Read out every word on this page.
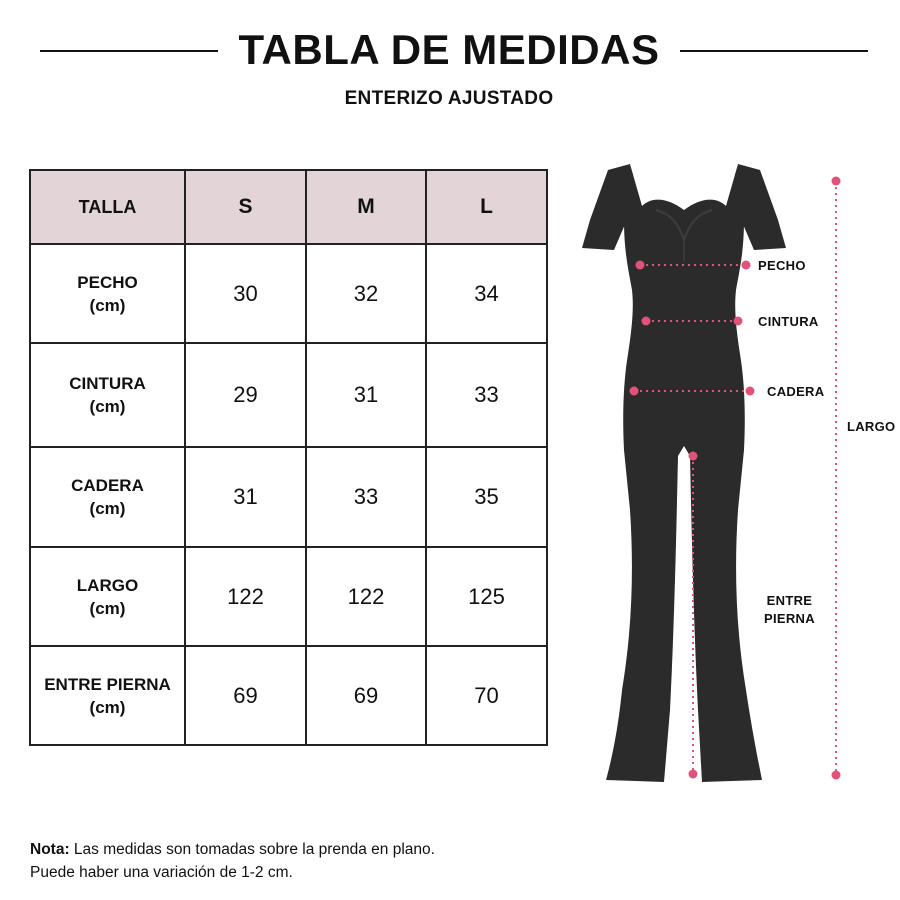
TABLA DE MEDIDAS
ENTERIZO AJUSTADO
TALLA	S	M	L

PECHO
(cm)	30	32	34

CINTURA
(cm)	29	31	33

CADERA
(cm)	31	33	35

LARGO
(cm)	122	122	125

ENTRE PIERNA
(cm)	69	69	70
PECHO
CINTURA
CADERA
LARGO
ENTRE
PIERNA
Nota: Las medidas son tomadas sobre la prenda en plano.
Puede haber una variación de 1-2 cm.
